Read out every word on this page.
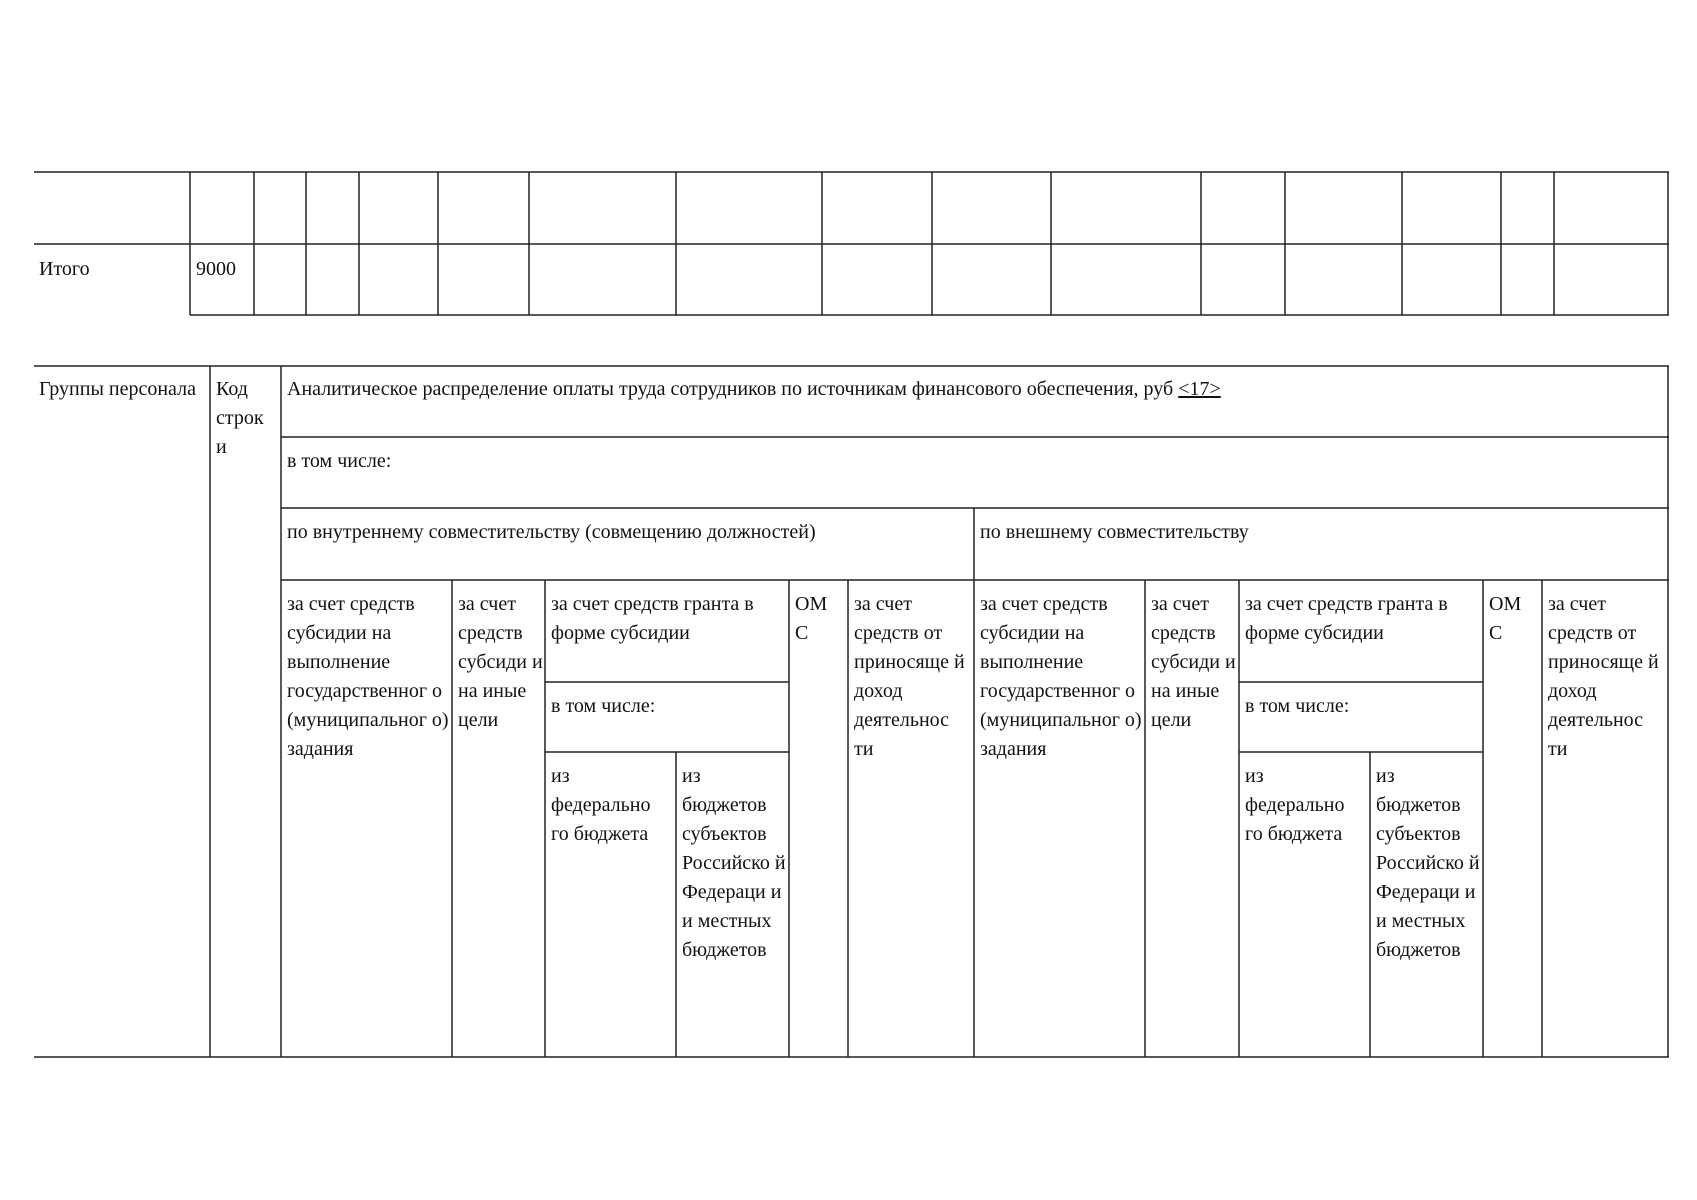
Итого	9000
Группы персонала Код строк и
Аналитическое распределение оплаты труда сотрудников по источникам финансового обеспечения, руб <17>
в том числе:
по внутреннему совместительству (совмещению должностей)	по внешнему совместительству
за счет средств субсидии на выполнение государственног о (муниципальног о) задания
за счет средств субсиди и на иные цели
за счет средств гранта в форме субсидии
в том числе:
из федерально го бюджета
из бюджетов субъектов Российско й Федераци и и местных бюджетов
ОМ С
за счет средств от приносяще й доход деятельнос ти
за счет средств субсидии на выполнение государственног о (муниципальног о) задания
за счет средств субсиди и на иные цели
за счет средств гранта в форме субсидии
в том числе:
из федерально го бюджета
из бюджетов субъектов Российско й Федераци и и местных бюджетов
ОМ С
за счет средств от приносяще й доход деятельнос ти
